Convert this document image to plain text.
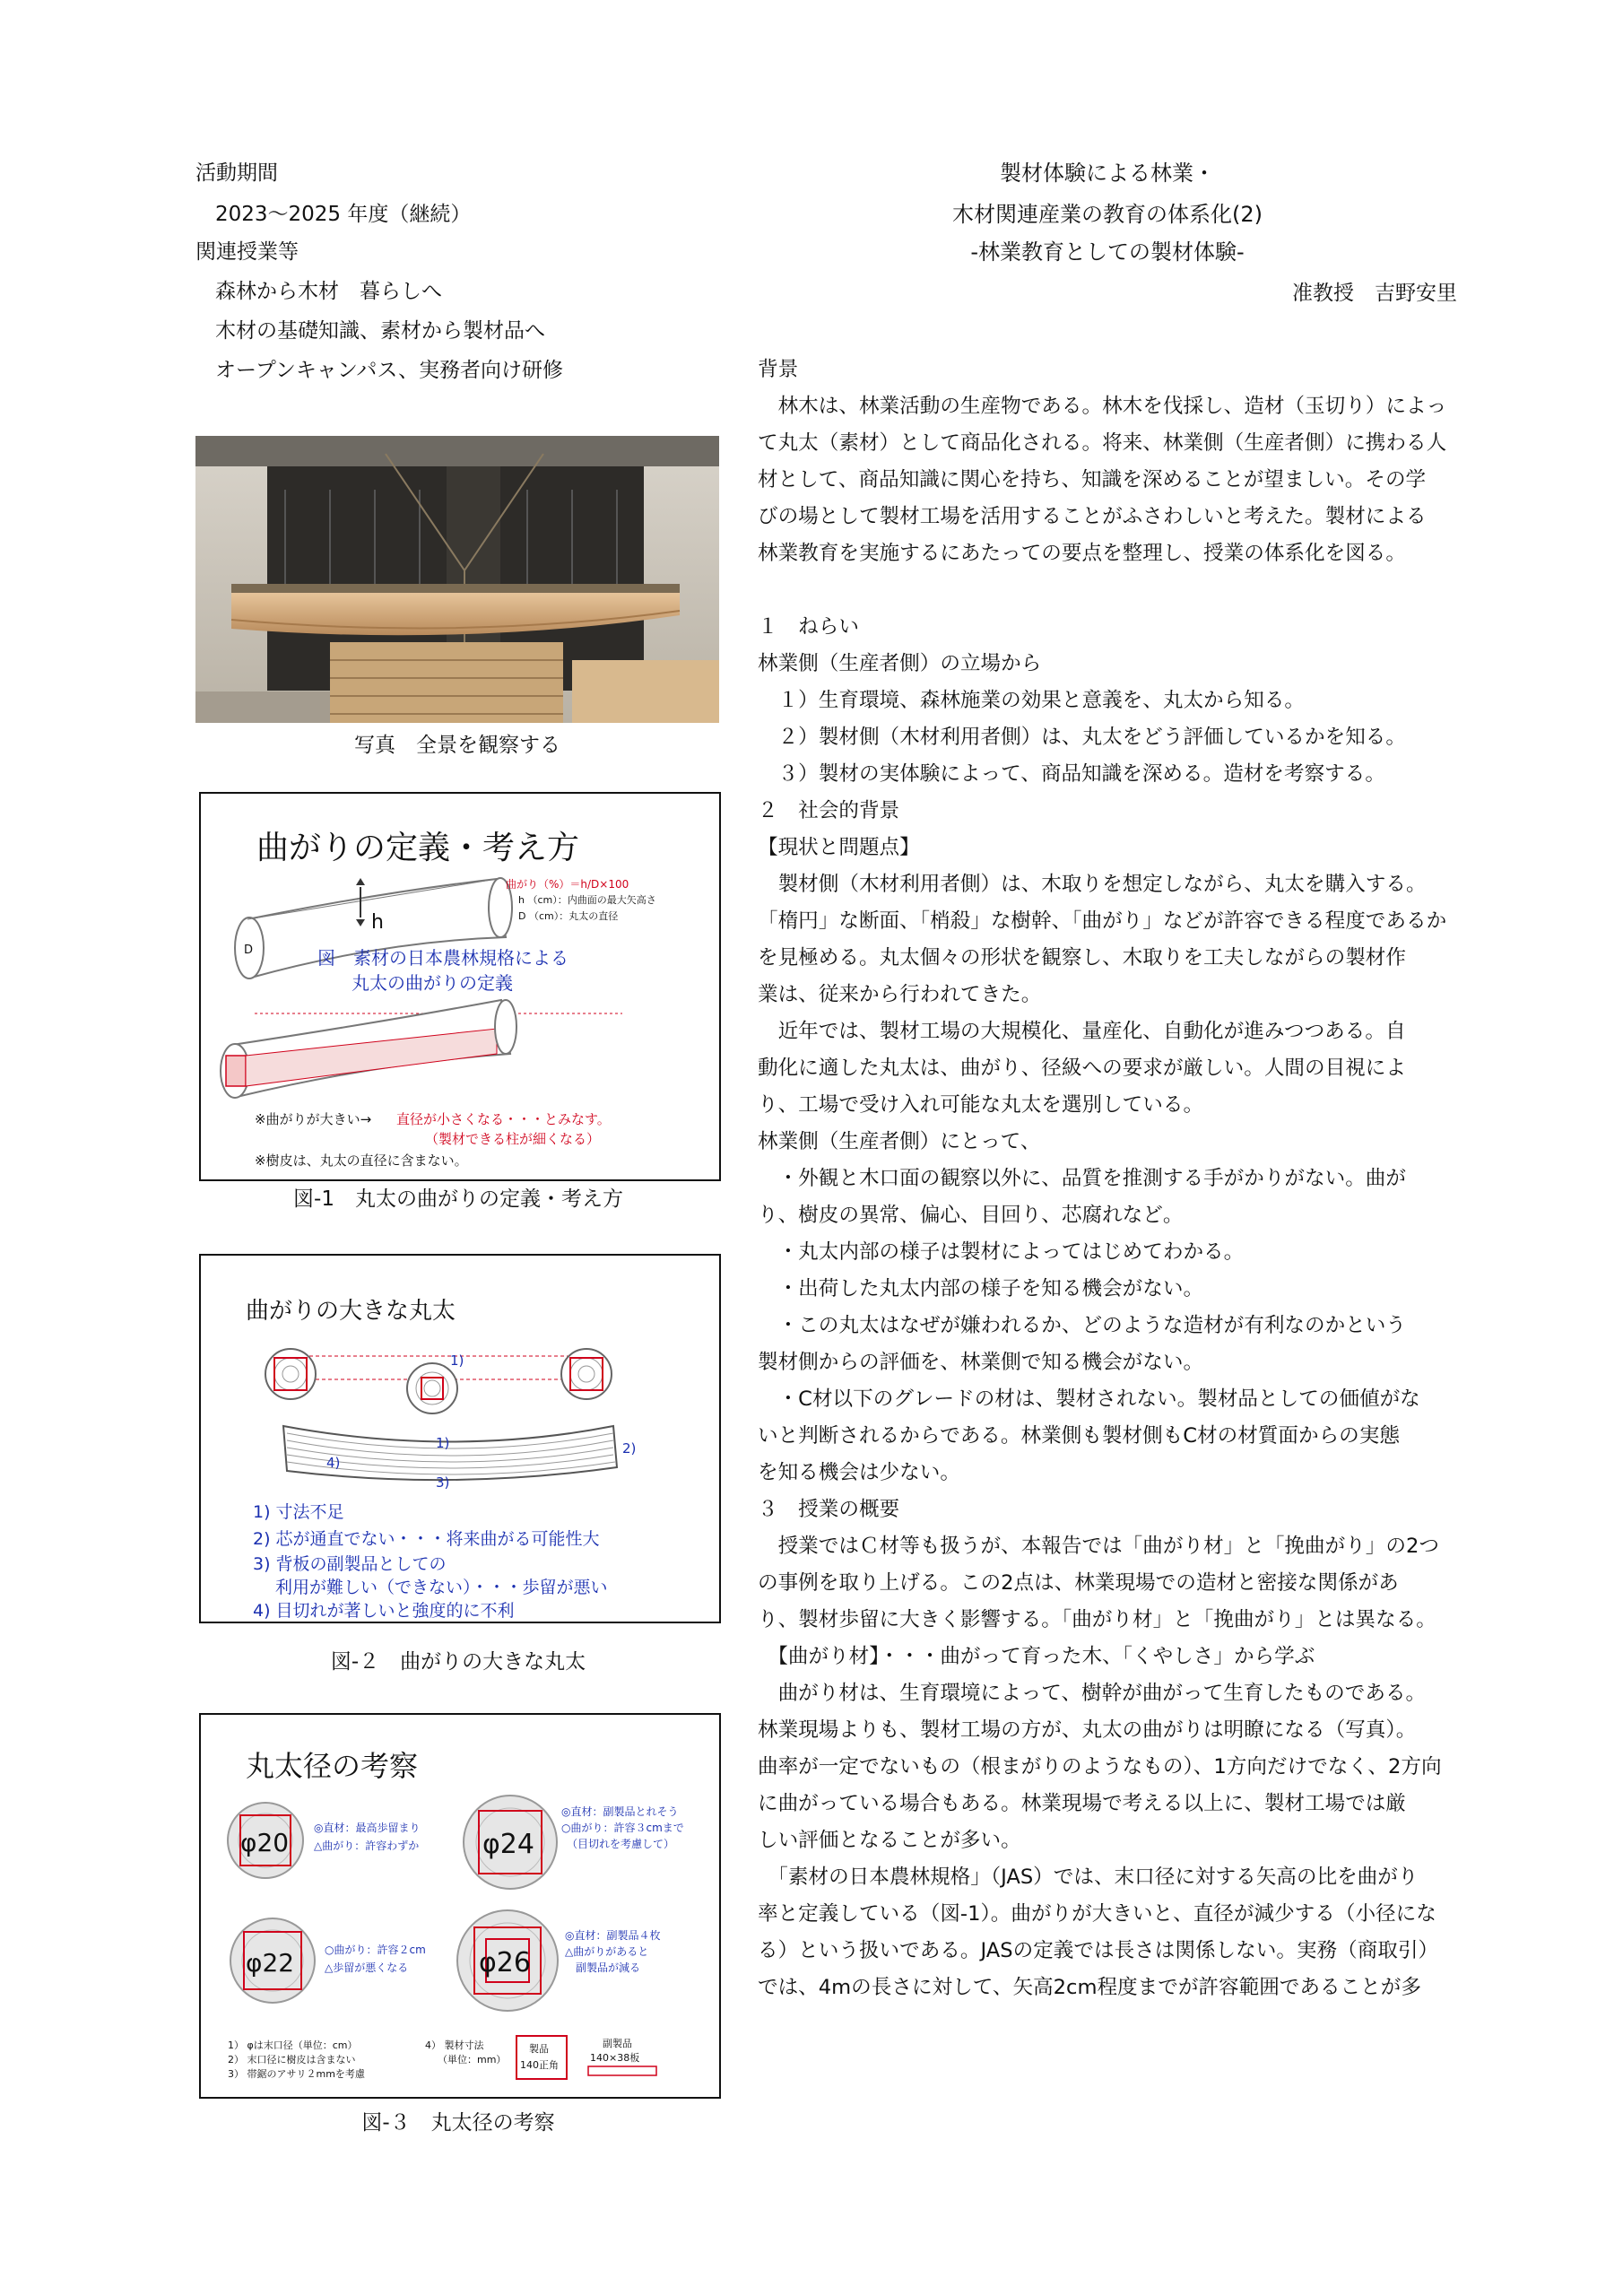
活動期間
2023～2025 年度（継続）
関連授業等
森林から木材　暮らしへ
木材の基礎知識、素材から製材品へ
オープンキャンパス、実務者向け研修
写真　全景を観察する
曲がりの定義・考え方
h
D
曲がり（%）＝h/D×100
h （cm）：内曲面の最大矢高さ
D （cm）：丸太の直径
図　素材の日本農林規格による
丸太の曲がりの定義
※曲がりが大きい→ 直径が小さくなる・・・とみなす。
（製材できる柱が細くなる）
※樹皮は、丸太の直径に含まない。
図-1　丸太の曲がりの定義・考え方
曲がりの大きな丸太
1)
1)	2)
3)
4)
1) 寸法不足
2) 芯が通直でない・・・将来曲がる可能性大
3) 背板の副製品としての
　 利用が難しい（できない）・・・歩留が悪い
4) 目切れが著しいと強度的に不利
図-２　曲がりの大きな丸太
丸太径の考察
φ20 ◎直材：最高歩留まり
△曲がり：許容わずか φ24
◎直材：副製品とれそう
○曲がり：許容３cmまで
（目切れを考慮して）
φ22	○曲がり：許容２cm
△歩留が悪くなる	φ26
◎直材：副製品４枚
△曲がりがあると
　副製品が減る
1） φは末口径（単位：cm）
2） 末口径に樹皮は含まない
3） 帯鋸のアサリ２mmを考慮
4） 製材寸法
（単位：mm）
製品
140正角
副製品
140×38板
図-３　丸太径の考察
製材体験による林業・
木材関連産業の教育の体系化(2)
-林業教育としての製材体験-
准教授　吉野安里

背景

　林木は、林業活動の生産物である。林木を伐採し、造材（玉切り）によっ

て丸太（素材）として商品化される。将来、林業側（生産者側）に携わる人

材として、商品知識に関心を持ち、知識を深めることが望ましい。その学

びの場として製材工場を活用することがふさわしいと考えた。製材による

林業教育を実施するにあたっての要点を整理し、授業の体系化を図る。

１　ねらい

林業側（生産者側）の立場から

　１）生育環境、森林施業の効果と意義を、丸太から知る。

　２）製材側（木材利用者側）は、丸太をどう評価しているかを知る。

　３）製材の実体験によって、商品知識を深める。造材を考察する。

２　社会的背景

【現状と問題点】

　製材側（木材利用者側）は、木取りを想定しながら、丸太を購入する。

「楕円」な断面、「梢殺」な樹幹、「曲がり」などが許容できる程度であるか

を見極める。丸太個々の形状を観察し、木取りを工夫しながらの製材作

業は、従来から行われてきた。

　近年では、製材工場の大規模化、量産化、自動化が進みつつある。自

動化に適した丸太は、曲がり、径級への要求が厳しい。人間の目視によ

り、工場で受け入れ可能な丸太を選別している。

林業側（生産者側）にとって、

　・外観と木口面の観察以外に、品質を推測する手がかりがない。曲が

り、樹皮の異常、偏心、目回り、芯腐れなど。

　・丸太内部の様子は製材によってはじめてわかる。

　・出荷した丸太内部の様子を知る機会がない。

　・この丸太はなぜが嫌われるか、どのような造材が有利なのかという

製材側からの評価を、林業側で知る機会がない。

　・C材以下のグレードの材は、製材されない。製材品としての価値がな

いと判断されるからである。林業側も製材側もC材の材質面からの実態

を知る機会は少ない。

３　授業の概要

　授業ではＣ材等も扱うが、本報告では「曲がり材」と「挽曲がり」の2つ

の事例を取り上げる。この2点は、林業現場での造材と密接な関係があ

り、製材歩留に大きく影響する。「曲がり材」と「挽曲がり」とは異なる。

　【曲がり材】・・・曲がって育った木、「くやしさ」から学ぶ

　曲がり材は、生育環境によって、樹幹が曲がって生育したものである。

林業現場よりも、製材工場の方が、丸太の曲がりは明瞭になる（写真）。

曲率が一定でないもの（根まがりのようなもの）、1方向だけでなく、2方向

に曲がっている場合もある。林業現場で考える以上に、製材工場では厳

しい評価となることが多い。

　「素材の日本農林規格」（JAS）では、末口径に対する矢高の比を曲がり

率と定義している（図-1）。曲がりが大きいと、直径が減少する（小径にな

る）という扱いである。JASの定義では長さは関係しない。実務（商取引）

では、4mの長さに対して、矢高2cm程度までが許容範囲であることが多
